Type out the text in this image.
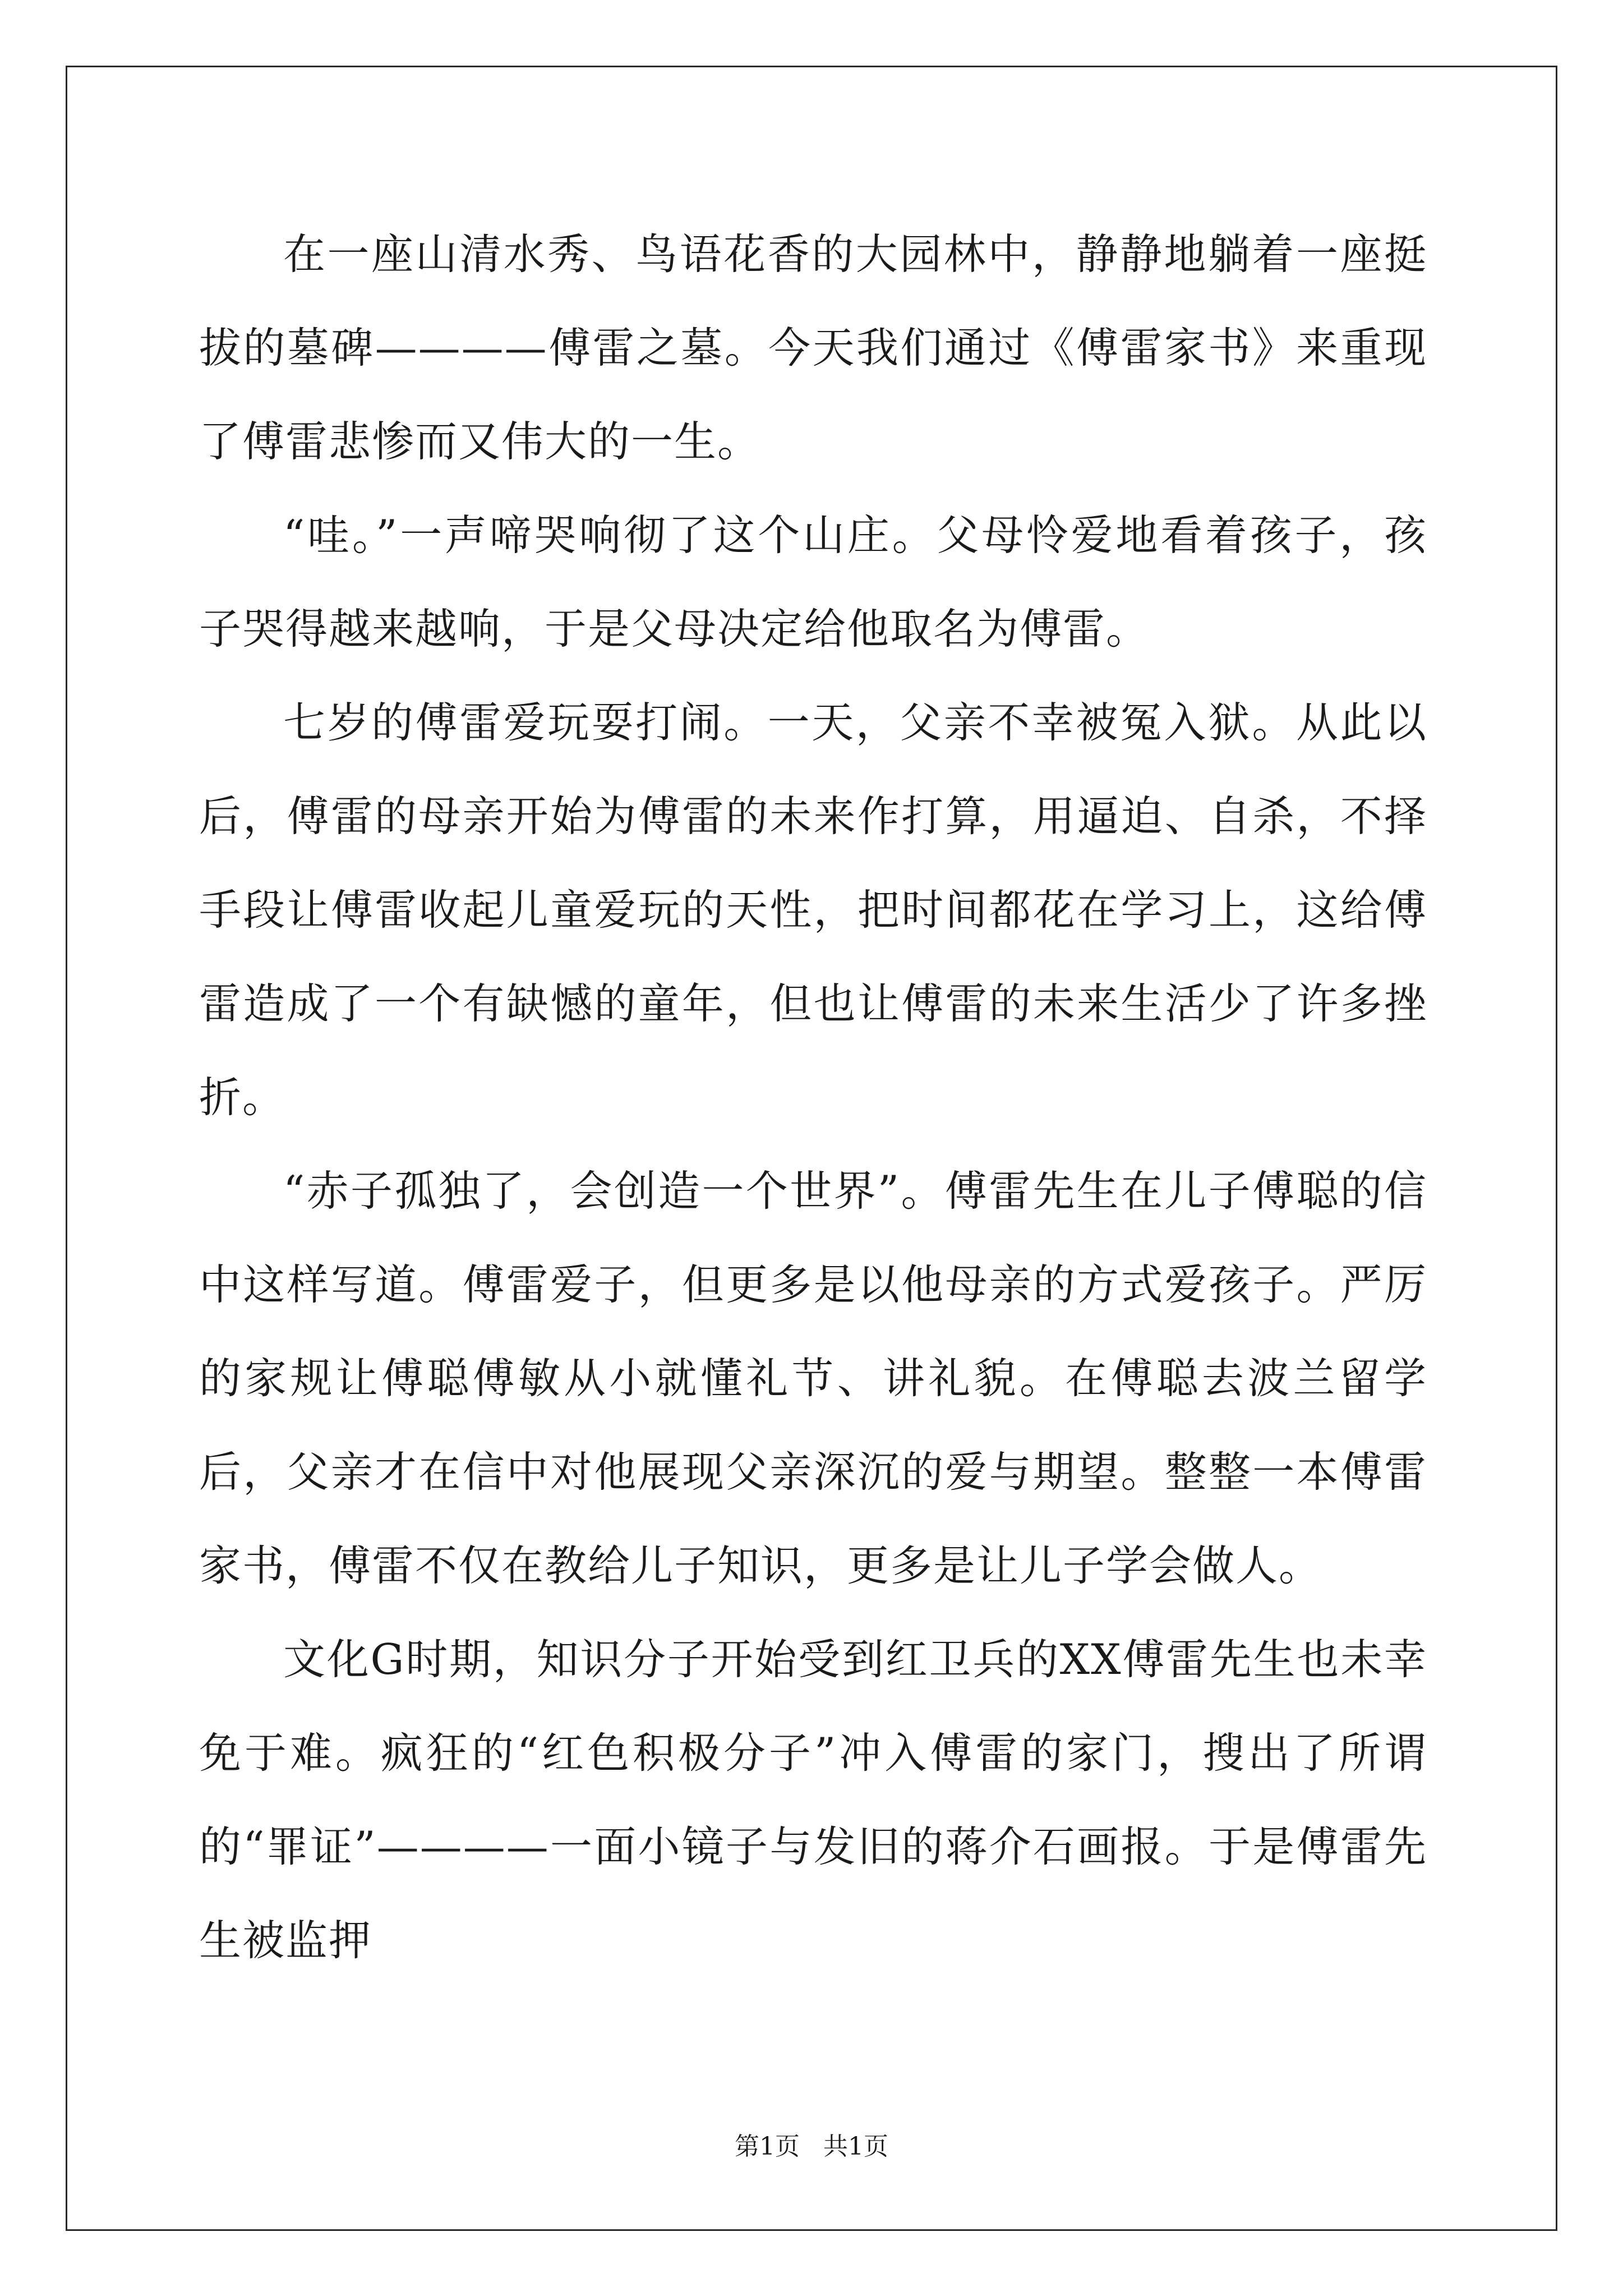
在一座山清水秀、鸟语花香的大园林中，静静地躺着一座挺拔的墓碑————傅雷之墓。今天我们通过《傅雷家书》来重现了傅雷悲惨而又伟大的一生。

“哇。”一声啼哭响彻了这个山庄。父母怜爱地看着孩子，孩子哭得越来越响，于是父母决定给他取名为傅雷。

七岁的傅雷爱玩耍打闹。一天，父亲不幸被冤入狱。从此以后，傅雷的母亲开始为傅雷的未来作打算，用逼迫、自杀，不择手段让傅雷收起儿童爱玩的天性，把时间都花在学习上，这给傅雷造成了一个有缺憾的童年，但也让傅雷的未来生活少了许多挫折。

“赤子孤独了，会创造一个世界”。傅雷先生在儿子傅聪的信中这样写道。傅雷爱子，但更多是以他母亲的方式爱孩子。严厉的家规让傅聪傅敏从小就懂礼节、讲礼貌。在傅聪去波兰留学后，父亲才在信中对他展现父亲深沉的爱与期望。整整一本傅雷家书，傅雷不仅在教给儿子知识，更多是让儿子学会做人。

文化G时期，知识分子开始受到红卫兵的XX傅雷先生也未幸免于难。疯狂的“红色积极分子”冲入傅雷的家门，搜出了所谓的“罪证”————一面小镜子与发旧的蒋介石画报。于是傅雷先生被监押

第1页 共1页
